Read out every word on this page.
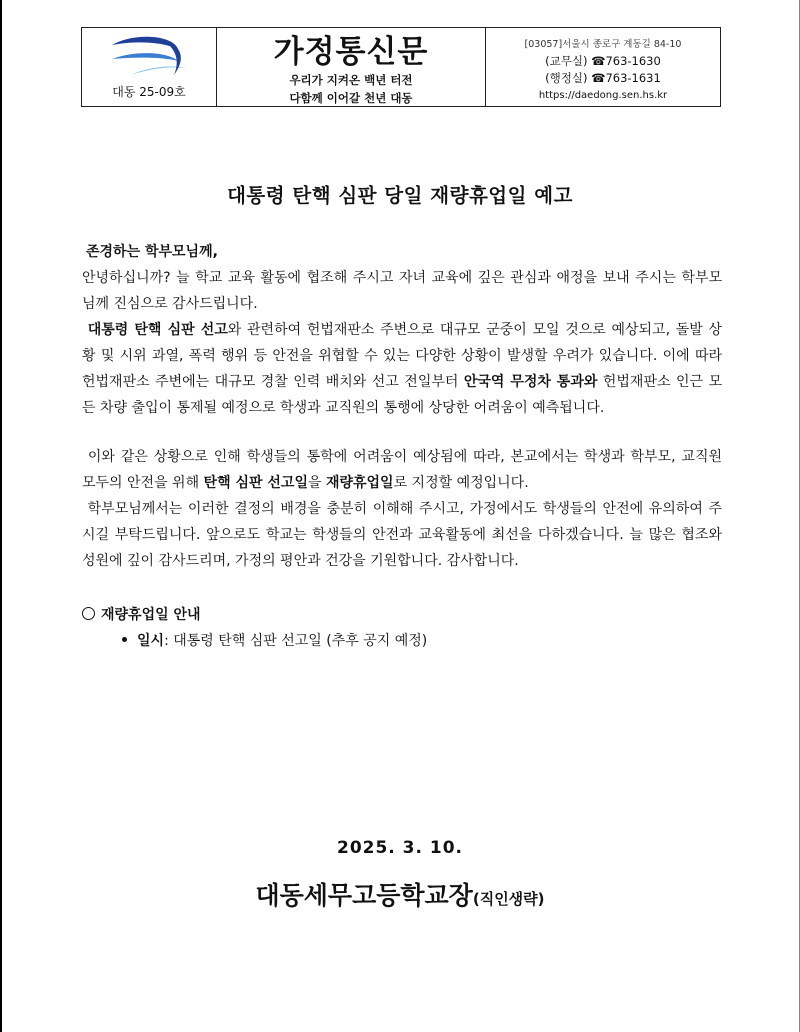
대동 25-09호
가정통신문
우리가 지켜온 백년 터전
다함께 이어갈 천년 대동
[03057]서울시 종로구 계동길 84-10
(교무실) ☎763-1630
(행정실) ☎763-1631
https://daedong.sen.hs.kr
대통령 탄핵 심판 당일 재량휴업일 예고
존경하는 학부모님께,
안녕하십니까? 늘 학교 교육 활동에 협조해 주시고 자녀 교육에 깊은 관심과 애정을 보내 주시는 학부모
님께 진심으로 감사드립니다.
대통령 탄핵 심판 선고와 관련하여 헌법재판소 주변으로 대규모 군중이 모일 것으로 예상되고, 돌발 상
황 및 시위 과열, 폭력 행위 등 안전을 위협할 수 있는 다양한 상황이 발생할 우려가 있습니다. 이에 따라
헌법재판소 주변에는 대규모 경찰 인력 배치와 선고 전일부터 안국역 무정차 통과와 헌법재판소 인근 모
든 차량 출입이 통제될 예정으로 학생과 교직원의 통행에 상당한 어려움이 예측됩니다.
이와 같은 상황으로 인해 학생들의 통학에 어려움이 예상됨에 따라, 본교에서는 학생과 학부모, 교직원
모두의 안전을 위해 탄핵 심판 선고일을 재량휴업일로 지정할 예정입니다.
학부모님께서는 이러한 결정의 배경을 충분히 이해해 주시고, 가정에서도 학생들의 안전에 유의하여 주
시길 부탁드립니다. 앞으로도 학교는 학생들의 안전과 교육활동에 최선을 다하겠습니다. 늘 많은 협조와
성원에 깊이 감사드리며, 가정의 평안과 건강을 기원합니다. 감사합니다.
재량휴업일 안내
일시: 대통령 탄핵 심판 선고일 (추후 공지 예정)
2025. 3. 10.
대동세무고등학교장(직인생략)
